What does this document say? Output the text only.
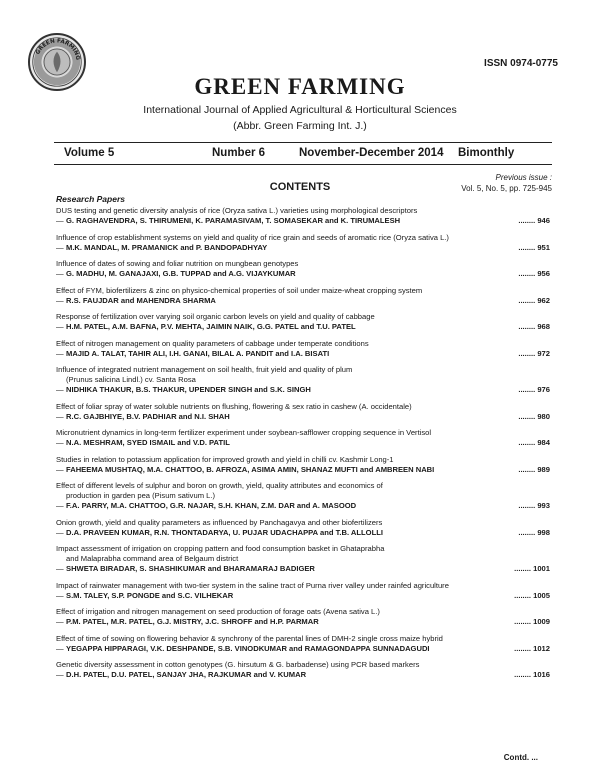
GREEN FARMING
ISSN 0974-0775
GREEN FARMING
International Journal of Applied Agricultural & Horticultural Sciences
(Abbr. Green Farming Int. J.)
Volume 5	Number 6	November-December 2014 Bimonthly
Previous issue :
Vol. 5, No. 5, pp. 725-945
CONTENTS
Research Papers
DUS testing and genetic diversity analysis of rice (Oryza sativa L.) varieties using morphological descriptors
— G. RAGHAVENDRA, S. THIRUMENI, K. PARAMASIVAM, T. SOMASEKAR and K. TIRUMALESH	........ 946
Influence of crop establishment systems on yield and quality of rice grain and seeds of aromatic rice (Oryza sativa L.)
— M.K. MANDAL, M. PRAMANICK and P. BANDOPADHYAY	........ 951
Influence of dates of sowing and foliar nutrition on mungbean genotypes
— G. MADHU, M. GANAJAXI, G.B. TUPPAD and A.G. VIJAYKUMAR	........ 956
Effect of FYM, biofertilizers & zinc on physico-chemical properties of soil under maize-wheat cropping system
— R.S. FAUJDAR and MAHENDRA SHARMA	........ 962
Response of fertilization over varying soil organic carbon levels on yield and quality of cabbage
— H.M. PATEL, A.M. BAFNA, P.V. MEHTA, JAIMIN NAIK, G.G. PATEL and T.U. PATEL	........ 968
Effect of nitrogen management on quality parameters of cabbage under temperate conditions
— MAJID A. TALAT, TAHIR ALI, I.H. GANAI, BILAL A. PANDIT and I.A. BISATI	........ 972
Influence of integrated nutrient management on soil health, fruit yield and quality of plum
(Prunus salicina Lindl.) cv. Santa Rosa
— NIDHIKA THAKUR, B.S. THAKUR, UPENDER SINGH and S.K. SINGH	........ 976
Effect of foliar spray of water soluble nutrients on flushing, flowering & sex ratio in cashew (A. occidentale)
— R.C. GAJBHIYE, B.V. PADHIAR and N.I. SHAH	........ 980
Micronutrient dynamics in long-term fertilizer experiment under soybean-safflower cropping sequence in Vertisol
— N.A. MESHRAM, SYED ISMAIL and V.D. PATIL	........ 984
Studies in relation to potassium application for improved growth and yield in chilli cv. Kashmir Long-1
— FAHEEMA MUSHTAQ, M.A. CHATTOO, B. AFROZA, ASIMA AMIN, SHANAZ MUFTI and AMBREEN NABI	........ 989
Effect of different levels of sulphur and boron on growth, yield, quality attributes and economics of
production in garden pea (Pisum sativum L.)
— F.A. PARRY, M.A. CHATTOO, G.R. NAJAR, S.H. KHAN, Z.M. DAR and A. MASOOD	........ 993
Onion growth, yield and quality parameters as influenced by Panchagavya and other biofertilizers
— D.A. PRAVEEN KUMAR, R.N. THONTADARYA, U. PUJAR UDACHAPPA and T.B. ALLOLLI	........ 998
Impact assessment of irrigation on cropping pattern and food consumption basket in Ghataprabha
and Malaprabha command area of Belgaum district
— SHWETA BIRADAR, S. SHASHIKUMAR and BHARAMARAJ BADIGER	........ 1001
Impact of rainwater management with two-tier system in the saline tract of Purna river valley under rainfed agriculture
— S.M. TALEY, S.P. PONGDE and S.C. VILHEKAR	........ 1005
Effect of irrigation and nitrogen management on seed production of forage oats (Avena sativa L.)
— P.M. PATEL, M.R. PATEL, G.J. MISTRY, J.C. SHROFF and H.P. PARMAR	........ 1009
Effect of time of sowing on flowering behavior & synchrony of the parental lines of DMH-2 single cross maize hybrid
— YEGAPPA HIPPARAGI, V.K. DESHPANDE, S.B. VINODKUMAR and RAMAGONDAPPA SUNNADAGUDI	........ 1012
Genetic diversity assessment in cotton genotypes (G. hirsutum & G. barbadense) using PCR based markers
— D.H. PATEL, D.U. PATEL, SANJAY JHA, RAJKUMAR and V. KUMAR	........ 1016
Contd. ...
